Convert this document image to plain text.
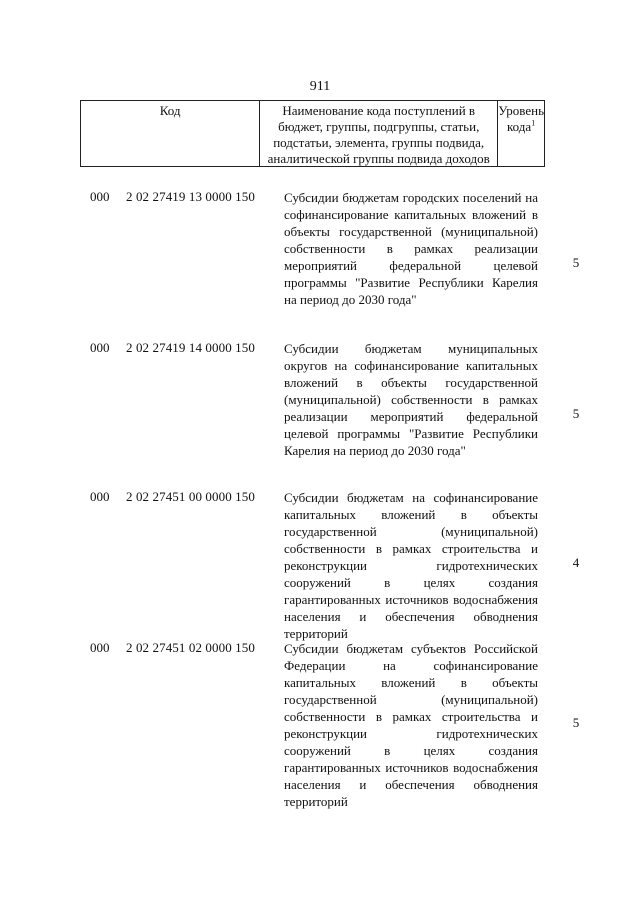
911
Код	Наименование кода поступлений в бюджет, группы, подгруппы, статьи, подстатьи, элемента, группы подвида, аналитической группы подвида доходов
Уровень кода$^1$
000 2 02 27419 13 0000 150 Субсидии бюджетам городских поселений на софинансирование капитальных вложений в объекты государственной (муниципальной) собственности в рамках реализации мероприятий федеральной целевой программы "Развитие Республики Карелия на период до 2030 года"

5
000 2 02 27419 14 0000 150 Субсидии бюджетам муниципальных округов на софинансирование капитальных вложений в объекты государственной (муниципальной) собственности в рамках реализации мероприятий федеральной целевой программы "Развитие Республики Карелия на период до 2030 года"

5
000 2 02 27451 00 0000 150 Субсидии бюджетам на софинансирование капитальных вложений в объекты государственной (муниципальной) собственности в рамках строительства и реконструкции гидротехнических сооружений в целях создания гарантированных источников водоснабжения населения и обеспечения обводнения территорий

4
000 2 02 27451 02 0000 150 Субсидии бюджетам субъектов Российской Федерации на софинансирование капитальных вложений в объекты государственной (муниципальной) собственности в рамках строительства и реконструкции гидротехнических сооружений в целях создания гарантированных источников водоснабжения населения и обеспечения обводнения территорий

5
